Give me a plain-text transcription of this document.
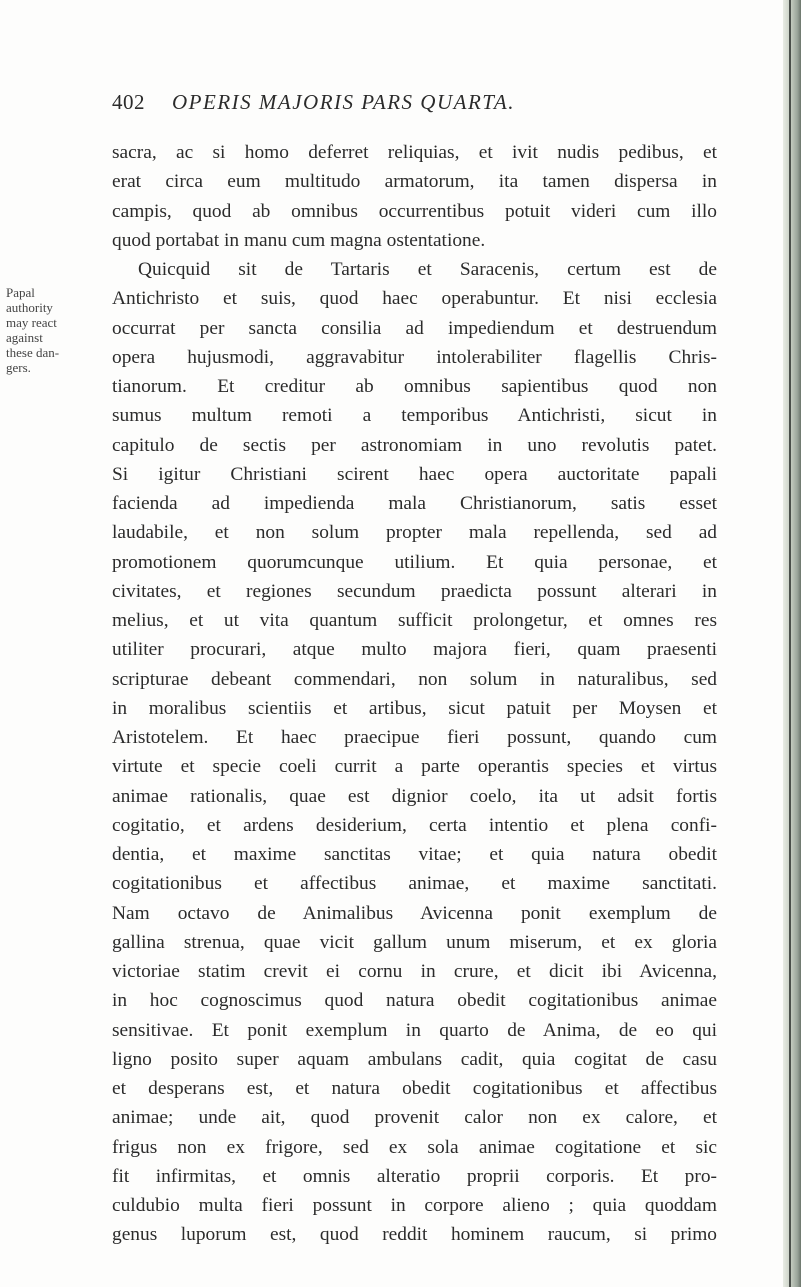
402 OPERIS MAJORIS PARS QUARTA.
Papal
authority
may react
against
these dan-
gers.
sacra, ac si homo deferret reliquias, et ivit nudis pedibus, et
erat circa eum multitudo armatorum, ita tamen dispersa in
campis, quod ab omnibus occurrentibus potuit videri cum illo
quod portabat in manu cum magna ostentatione.
Quicquid sit de Tartaris et Saracenis, certum est de
Antichristo et suis, quod haec operabuntur. Et nisi ecclesia
occurrat per sancta consilia ad impediendum et destruendum
opera hujusmodi, aggravabitur intolerabiliter flagellis Chris-
tianorum. Et creditur ab omnibus sapientibus quod non
sumus multum remoti a temporibus Antichristi, sicut in
capitulo de sectis per astronomiam in uno revolutis patet.
Si igitur Christiani scirent haec opera auctoritate papali
facienda ad impedienda mala Christianorum, satis esset
laudabile, et non solum propter mala repellenda, sed ad
promotionem quorumcunque utilium. Et quia personae, et
civitates, et regiones secundum praedicta possunt alterari in
melius, et ut vita quantum sufficit prolongetur, et omnes res
utiliter procurari, atque multo majora fieri, quam praesenti
scripturae debeant commendari, non solum in naturalibus, sed
in moralibus scientiis et artibus, sicut patuit per Moysen et
Aristotelem. Et haec praecipue fieri possunt, quando cum
virtute et specie coeli currit a parte operantis species et virtus
animae rationalis, quae est dignior coelo, ita ut adsit fortis
cogitatio, et ardens desiderium, certa intentio et plena confi-
dentia, et maxime sanctitas vitae; et quia natura obedit
cogitationibus et affectibus animae, et maxime sanctitati.
Nam octavo de Animalibus Avicenna ponit exemplum de
gallina strenua, quae vicit gallum unum miserum, et ex gloria
victoriae statim crevit ei cornu in crure, et dicit ibi Avicenna,
in hoc cognoscimus quod natura obedit cogitationibus animae
sensitivae. Et ponit exemplum in quarto de Anima, de eo qui
ligno posito super aquam ambulans cadit, quia cogitat de casu
et desperans est, et natura obedit cogitationibus et affectibus
animae; unde ait, quod provenit calor non ex calore, et
frigus non ex frigore, sed ex sola animae cogitatione et sic
fit infirmitas, et omnis alteratio proprii corporis. Et pro-
culdubio multa fieri possunt in corpore alieno ; quia quoddam
genus luporum est, quod reddit hominem raucum, si primo
